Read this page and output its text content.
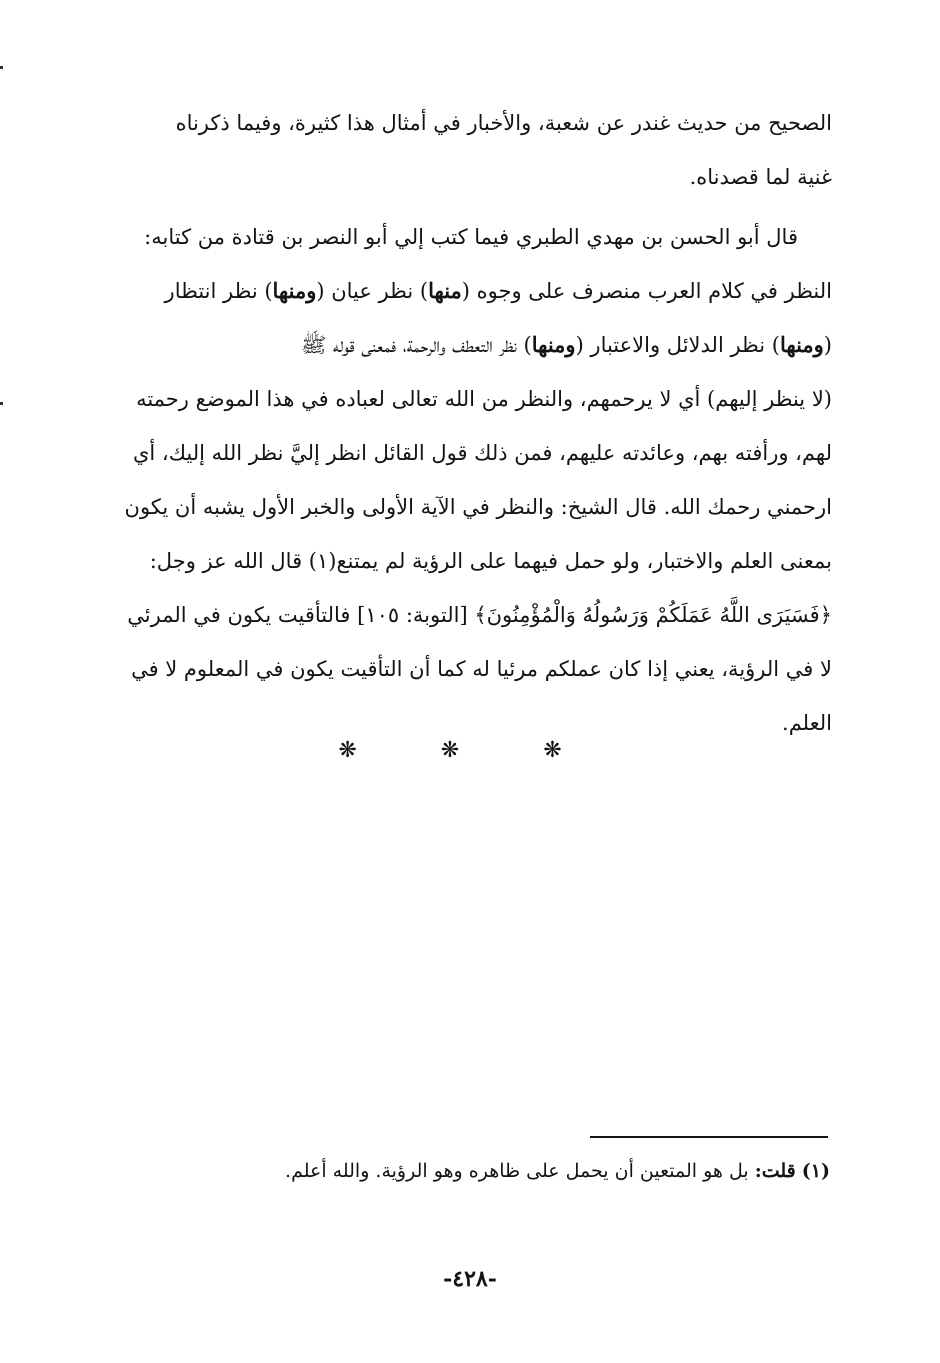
الصحيح من حديث غندر عن شعبة، والأخبار في أمثال هذا كثيرة، وفيما ذكرناه
غنية لما قصدناه.
قال أبو الحسن بن مهدي الطبري فيما كتب إلي أبو النصر بن قتادة من كتابه:
النظر في كلام العرب منصرف على وجوه (منها) نظر عيان (ومنها) نظر انتظار
(ومنها) نظر الدلائل والاعتبار (ومنها) نظر التعطف والرحمة، فمعنى قوله ﷺ
(لا ينظر إليهم) أي لا يرحمهم، والنظر من الله تعالى لعباده في هذا الموضع رحمته
لهم، ورأفته بهم، وعائدته عليهم، فمن ذلك قول القائل انظر إليَّ نظر الله إليك، أي
ارحمني رحمك الله. قال الشيخ: والنظر في الآية الأولى والخبر الأول يشبه أن يكون
بمعنى العلم والاختبار، ولو حمل فيهما على الرؤية لم يمتنع(١) قال الله عز وجل:
﴿فَسَيَرَى اللَّهُ عَمَلَكُمْ وَرَسُولُهُ وَالْمُؤْمِنُونَ﴾ [التوبة: ١٠٥] فالتأقيت يكون في المرئي
لا في الرؤية، يعني إذا كان عملكم مرئيا له كما أن التأقيت يكون في المعلوم لا في
العلم.
❋ ❋ ❋
(١) قلت: بل هو المتعين أن يحمل على ظاهره وهو الرؤية. والله أعلم.
-٤٢٨-
